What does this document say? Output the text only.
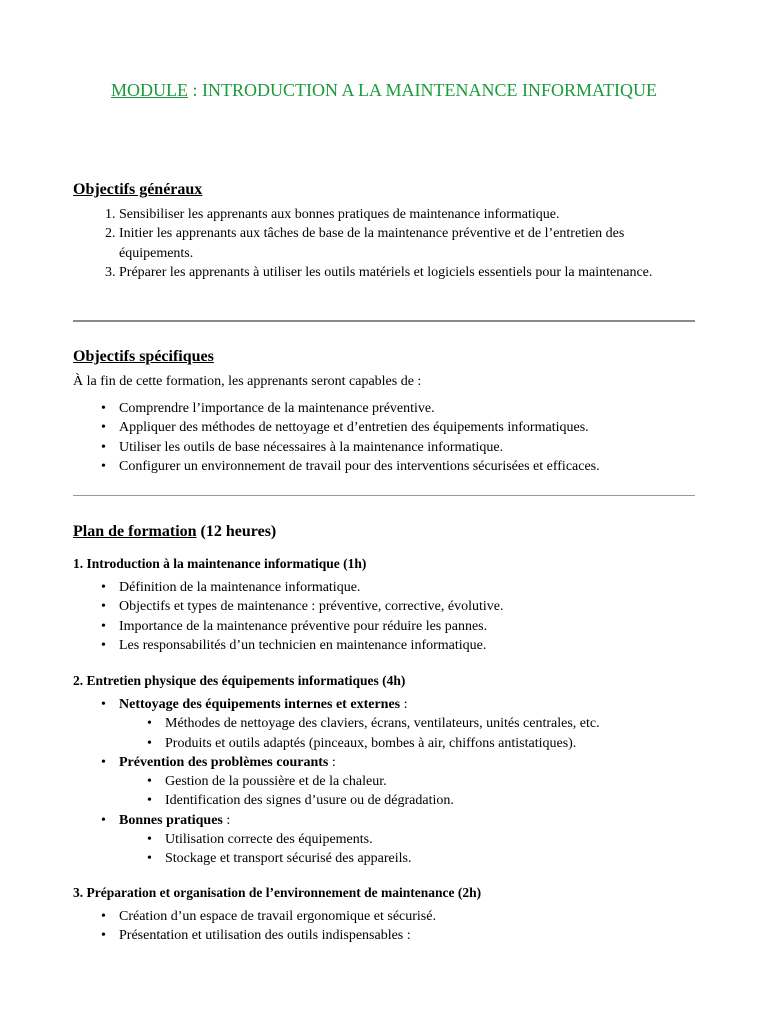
MODULE : INTRODUCTION A LA MAINTENANCE INFORMATIQUE
Objectifs généraux
1. Sensibiliser les apprenants aux bonnes pratiques de maintenance informatique.
2. Initier les apprenants aux tâches de base de la maintenance préventive et de l’entretien des équipements.
3. Préparer les apprenants à utiliser les outils matériels et logiciels essentiels pour la maintenance.
Objectifs spécifiques
À la fin de cette formation, les apprenants seront capables de :
• Comprendre l’importance de la maintenance préventive.
• Appliquer des méthodes de nettoyage et d’entretien des équipements informatiques.
• Utiliser les outils de base nécessaires à la maintenance informatique.
• Configurer un environnement de travail pour des interventions sécurisées et efficaces.
Plan de formation (12 heures)
1. Introduction à la maintenance informatique (1h)
• Définition de la maintenance informatique.
• Objectifs et types de maintenance : préventive, corrective, évolutive.
• Importance de la maintenance préventive pour réduire les pannes.
• Les responsabilités d’un technicien en maintenance informatique.
2. Entretien physique des équipements informatiques (4h)
• Nettoyage des équipements internes et externes :
• Méthodes de nettoyage des claviers, écrans, ventilateurs, unités centrales, etc.
• Produits et outils adaptés (pinceaux, bombes à air, chiffons antistatiques).
• Prévention des problèmes courants :
• Gestion de la poussière et de la chaleur.
• Identification des signes d’usure ou de dégradation.
• Bonnes pratiques :
• Utilisation correcte des équipements.
• Stockage et transport sécurisé des appareils.
3. Préparation et organisation de l’environnement de maintenance (2h)
• Création d’un espace de travail ergonomique et sécurisé.
• Présentation et utilisation des outils indispensables :
